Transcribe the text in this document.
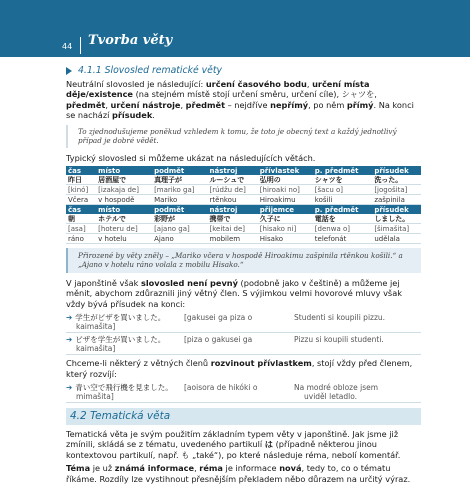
44 Tvorba věty
4.1.1 Slovosled rematické věty

Neutrální slovosled je následující: určení časového bodu, určení místa děje/existence (na stejném místě stojí určení směru, určení cíle), シャツを, předmět, určení nástroje, předmět – nejdříve nepřímý, po něm přímý. Na konci se nachází přísudek.

To zjednodušujeme poněkud vzhledem k tomu, že toto je obecný text a každý jednotlivý případ je dobré vědět.

Typický slovosled si můžeme ukázat na následujících větách.

čas	místo	podmět	nástroj	přívlastek	p. předmět	přísudek
昨日	居酒屋で	真理子が	ルーシュで	弘明の	シャツを	洗った。
[kinó]	[izakaja de]	[mariko ga]	[rúdžu de]	[hiroaki no]	[šacu o]	[jogošita]
Včera	v hospodě	Mariko	rtěnkou	Hiroakimu	košili	zašpinila
čas	místo	podmět	nástroj	přijemce	p. předmět	přísudek
朝	ホテルで	彩野が	携帯で	久子に	電話を	しました。
[asa]	[hoteru de]	[ajano ga]	[keitai de]	[hisako ni]	[denwa o]	[šimašita]
ráno	v hotelu	Ajano	mobilem	Hisako	telefonát	udělala
Přirozené by věty zněly – „Mariko včera v hospodě Hiroakimu zašpinila rtěnkou košili.“ a „Ajano v hotelu ráno volala z mobilu Hisako.“

V japonštině však slovosled není pevný (podobně jako v češtině) a můžeme jej měnit, abychom zdůraznili jiný větný člen. S výjimkou velmi hovorové mluvy však vždy bývá přísudek na konci:

➔ 学生がビザを買いました。	[gakusei ga piza o	Studenti si koupili pizzu.
kaimašita]
➔ ビザを学生が買いました。	[piza o gakusei ga	Pizzu si koupili studenti.
kaimašita]

Chceme-li některý z větných členů rozvinout přívlastkem, stojí vždy před členem, který rozvíjí:

➔ 青い空で飛行機を見ました。	[aoisora de hikóki o	Na modré obloze jsem
mimašita]	uviděl letadlo.
4.2 Tematická věta

Tematická věta je svým použitím základním typem věty v japonštině. Jak jsme již zmínili, skládá se z tématu, uvedeného partikulí は (případně některou jinou kontextovou partikulí, např. も „také“), po které následuje réma, nebolí komentář.

Téma je už známá informace, réma je informace nová, tedy to, co o tématu říkáme. Rozdíly lze vystihnout přesnějším překladem něbo důrazem na určitý výraz.
